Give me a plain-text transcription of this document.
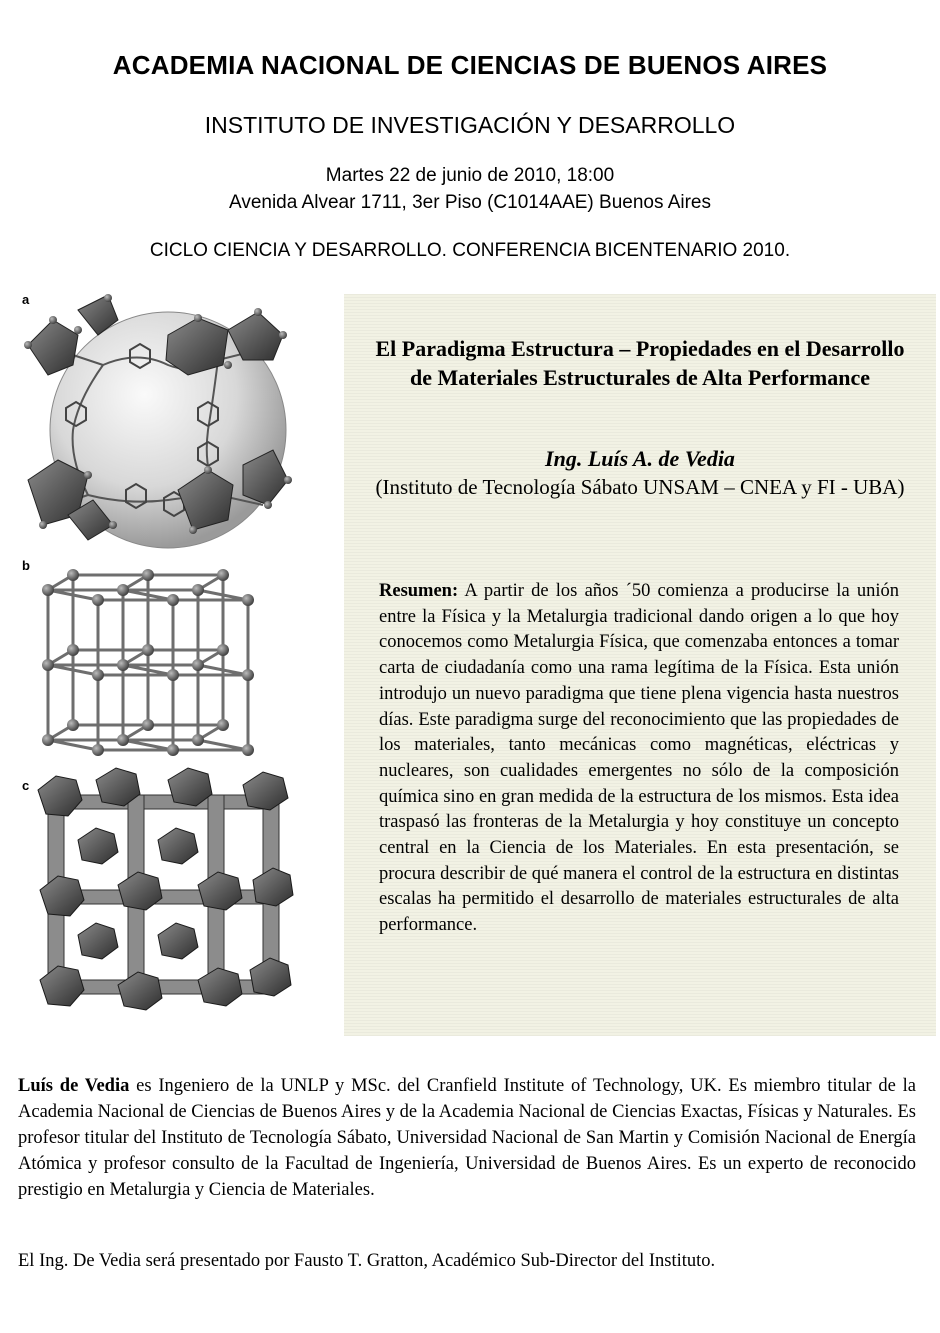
ACADEMIA NACIONAL DE CIENCIAS DE BUENOS AIRES
INSTITUTO DE INVESTIGACIÓN Y DESARROLLO
Martes 22 de junio de 2010, 18:00
Avenida Alvear 1711, 3er Piso (C1014AAE) Buenos Aires
CICLO CIENCIA Y DESARROLLO. CONFERENCIA BICENTENARIO 2010.
a
b
c
El Paradigma Estructura – Propiedades en el Desarrollo de Materiales Estructurales de Alta Performance
Ing. Luís A. de Vedia
(Instituto de Tecnología Sábato UNSAM – CNEA y FI - UBA)

Resumen: A partir de los años ´50 comienza a producirse la unión entre la Física y la Metalurgia tradicional dando origen a lo que hoy conocemos como Metalurgia Física, que comenzaba entonces a tomar carta de ciudadanía como una rama legítima de la Física. Esta unión introdujo un nuevo paradigma que tiene plena vigencia hasta nuestros días. Este paradigma surge del reconocimiento que las propiedades de los materiales, tanto mecánicas como magnéticas, eléctricas y nucleares, son cualidades emergentes no sólo de la composición química sino en gran medida de la estructura de los mismos. Esta idea traspasó las fronteras de la Metalurgia y hoy constituye un concepto central en la Ciencia de los Materiales. En esta presentación, se procura describir de qué manera el control de la estructura en distintas escalas ha permitido el desarrollo de materiales estructurales de alta performance.

Luís de Vedia es Ingeniero de la UNLP y MSc. del Cranfield Institute of Technology, UK. Es miembro titular de la Academia Nacional de Ciencias de Buenos Aires y de la Academia Nacional de Ciencias Exactas, Físicas y Naturales. Es profesor titular del Instituto de Tecnología Sábato, Universidad Nacional de San Martin y Comisión Nacional de Energía Atómica y profesor consulto de la Facultad de Ingeniería, Universidad de Buenos Aires. Es un experto de reconocido prestigio en Metalurgia y Ciencia de Materiales.

El Ing. De Vedia será presentado por Fausto T. Gratton, Académico Sub-Director del Instituto.
